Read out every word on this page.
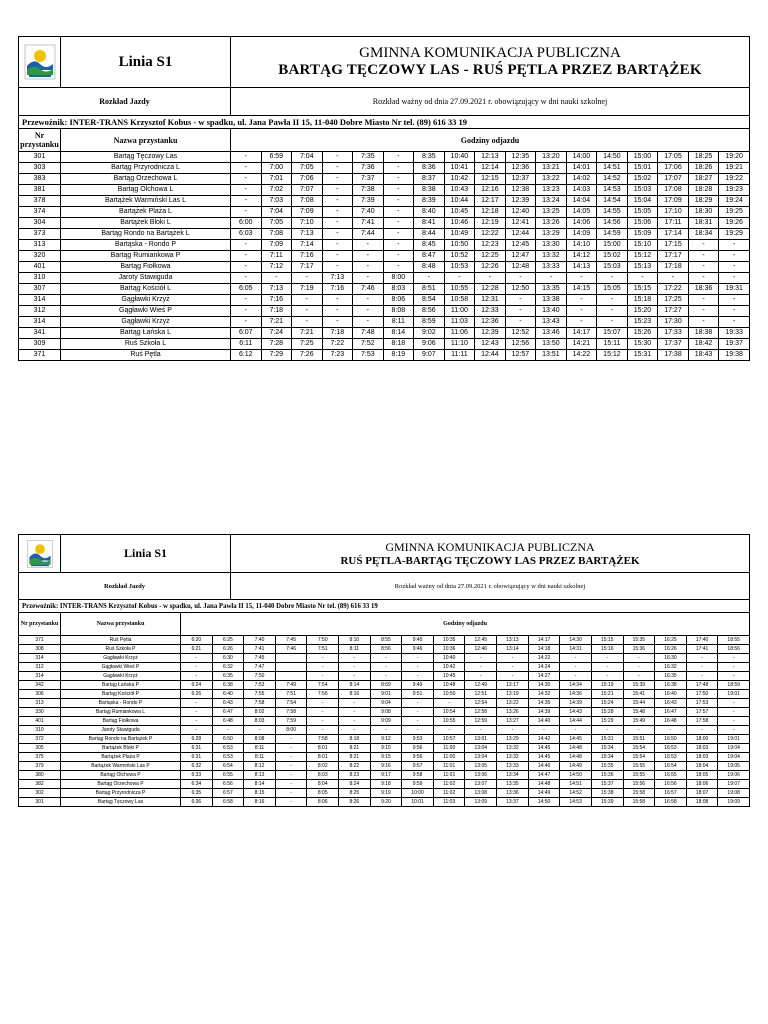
Linia S1
GMINNA KOMUNIKACJA PUBLICZNA
BARTĄG TĘCZOWY LAS - RUŚ PĘTLA PRZEZ BARTĄŻEK
Rozkład Jazdy	Rozkład ważny od dnia 27.09.2021 r. obowiązujący w dni nauki szkolnej
Przewoźnik: INTER-TRANS Krzysztof Kobus - w spadku, ul. Jana Pawła II 15, 11-040 Dobre Miasto Nr tel. (89) 616 33 19
Nr przystanku	Nazwa przystanku	Godziny odjazdu																
301	Bartąg Tęczowy Las	-	6:59	7:04	-	7:35	-	8:35	10:40	12:13	12:35	13:20	14:00	14:50	15:00	17:05	18:25	19:20
303	Bartąg Przyrodnicza L	-	7:00	7:05	-	7:36	-	8:36	10:41	12:14	12:36	13:21	14:01	14:51	15:01	17:06	18:26	19:21
383	Bartąg Orzechowa L	-	7:01	7:06	-	7:37	-	8:37	10:42	12:15	12:37	13:22	14:02	14:52	15:02	17:07	18:27	19:22
381	Bartąg Olchowa L	-	7:02	7:07	-	7:38	-	8:38	10:43	12:16	12:38	13:23	14:03	14:53	15:03	17:08	18:28	19:23
378	Bartążek Warmiński Las L	-	7:03	7:08	-	7:39	-	8:39	10:44	12:17	12:39	13:24	14:04	14:54	15:04	17:09	18:29	19:24
374	Bartążek Plaża L	-	7:04	7:09	-	7:40	-	8:40	10:45	12:18	12:40	13:25	14:05	14:55	15:05	17:10	18:30	19:25
304	Bartążek Bloki L	6:00	7:05	7:10	-	7:41	-	8:41	10:46	12:19	12:41	13:26	14:06	14:56	15:06	17:11	18:31	19:26
373	Bartąg Rondo na Bartążek L	6:03	7:08	7:13	-	7:44	-	8:44	10:49	12:22	12:44	13:29	14:09	14:59	15:09	17:14	18:34	19:29
313	Bartąska - Rondo P	-	7:09	7:14	-	-	-	8:45	10:50	12:23	12:45	13:30	14:10	15:00	15:10	17:15	-	-
320	Bartąg Rumiankowa P	-	7:11	7:16	-	-	-	8:47	10:52	12:25	12:47	13:32	14:12	15:02	15:12	17:17	-	-
401	Bartąg Fiołkowa	-	7:12	7:17	-	-	-	8:48	10:53	12:26	12:48	13:33	14:13	15:03	15:13	17:18	-	-
310	Jaroty Stawiguda	-	-	-	7:13	-	8:00	-	-	-	-	-	-	-	-	-	-	-
307	Bartąg Kościół L	6:05	7:13	7:19	7:16	7:46	8:03	8:51	10:55	12:28	12:50	13:35	14:15	15:05	15:15	17:22	18:36	19:31
314	Gągławki Krzyż	-	7:16	-	-	-	8:06	8:54	10:58	12:31	-	13:38	-	-	15:18	17:25	-	-
312	Gągławki Wieś P	-	7:18	-	-	-	8:08	8:56	11:00	12:33	-	13:40	-	-	15:20	17:27	-	-
314	Gągławki Krzyż	-	7:21	-	-	-	8:11	8:59	11:03	12:36	-	13:43	-	-	15:23	17:30	-	-
341	Bartąg Łańska L	6:07	7:24	7:21	7:18	7:48	8:14	9:02	11:06	12:39	12:52	13:46	14:17	15:07	15:26	17:33	18:38	19:33
309	Ruś Szkoła L	6:11	7:28	7:25	7:22	7:52	8:18	9:06	11:10	12:43	12:56	13:50	14:21	15:11	15:30	17:37	18:42	19:37
371	Ruś Pętla	6:12	7:29	7:26	7:23	7:53	8:19	9:07	11:11	12:44	12:57	13:51	14:22	15:12	15:31	17:38	18:43	19:38
Linia S1	GMINNA KOMUNIKACJA PUBLICZNA
RUŚ PĘTLA-BARTĄG TĘCZOWY LAS PRZEZ BARTĄŻEK
Rozkład Jazdy	Rozkład ważny od dnia 27.09.2021 r. obowiązujący w dni nauki szkolnej
Przewoźnik: INTER-TRANS Krzysztof Kobus - w spadku, ul. Jana Pawła II 15, 11-040 Dobre Miasto Nr tel. (89) 616 33 19
Nr przystanku	Nazwa przystanku	Godziny odjazdu																	
371	Ruś Pętla	6:20	6:25	7:40	7:45	7:50	8:10	8:55	9:45	10:35	12:45	13:13	14:17	14:30	15:15	15:35	16:25	17:40	18:55
308	Ruś Szkoła P	6:21	6:26	7:41	7:46	7:51	8:11	8:56	9:46	10:36	12:46	13:14	14:18	14:31	15:16	15:36	16:26	17:41	18:56
314	Gągławki Krzyż	-	6:30	7:45		-	-	-	-	10:40	-	-	14:22	-	-	-	16:30	-	-
312	Gągławki Wieś P	-	6:32	7:47		-	-	-	-	10:42	-	-	14:24	-	-	-	16:32	-	-
314	Gągławki Krzyż	-	6:35	7:50		-	-	-	-	10:45	-	-	14:27	-	-	-	16:35	-	-
342	Bartąg Łańska P	6:24	6:38	7:53	7:49	7:54	8:14	8:59	9:49	10:48	12:49	13:17	14:30	14:34	15:19	15:39	16:38	17:48	18:59
306	Bartąg Kościół P	6:26	6:40	7:55	7:51	7:56	8:16	9:01	9:51	10:50	12:51	13:19	14:32	14:36	15:21	15:41	16:40	17:50	19:01
313	Bartąska - Rondo P	-	6:43	7:58	7:54	-	-	9:04	-	-	12:54	13:22	14:35	14:39	15:24	15:44	16:43	17:53	-
330	Bartąg Rumiankowa L	-	6:47	8:02	7:58	-	-	9:08	-	10:54	12:58	13:26	14:39	14:43	15:28	15:48	16:47	17:57	-
401	Bartąg Fiołkowa	-	6:48	8:03	7:59	-	-	9:09	-	10:55	12:59	13:27	14:40	14:44	15:29	15:49	16:48	17:58	-
310	Jaroty Stawiguda	-	-	-	8:00	-	-	-	-	-	-	-	-	-	-	-	-	-	-
372	Bartąg Rondo na Bartążek P	6:28	6:50	8:08	-	7:58	8:18	9:12	9:53	10:57	13:01	13:29	14:42	14:45	15:31	15:51	16:50	18:00	19:01
305	Bartążek Bloki P	6:31	6:53	8:11	-	8:01	8:21	9:15	9:56	11:00	13:04	13:32	14:45	14:48	15:34	15:54	16:53	18:03	19:04
375	Bartążek Plaża P	6:31	6:53	8:11	-	8:01	8:21	9:15	9:56	11:00	13:04	13:32	14:45	14:48	15:34	15:54	16:53	18:03	19:04
379	Bartążek Warmiński Las P	6:32	6:54	8:12	-	8:02	8:22	9:16	9:57	11:01	13:05	13:33	14:46	14:49	15:35	15:55	16:54	18:04	19:05
380	Bartąg Olchowa P	6:33	6:55	8:13	-	8:03	8:23	9:17	9:58	11:01	13:06	13:34	14:47	14:50	15:36	15:55	16:55	18:05	19:06
382	Bartąg Orzechowa P	6:34	6:56	8:14	-	8:04	8:24	9:18	9:59	11:02	13:07	13:35	14:48	14:51	15:37	15:56	16:56	18:06	19:07
302	Bartąg Przyrodnicza P	6:35	6:57	8:15	-	8:05	8:25	9:19	10:00	11:02	13:08	13:36	14:49	14:52	15:38	15:58	16:57	18:07	19:08
301	Bartąg Tęczowy Las	6:36	6:58	8:16	-	8:06	8:26	9:20	10:01	11:03	13:09	13:37	14:50	14:53	15:39	15:58	16:58	18:08	19:09
